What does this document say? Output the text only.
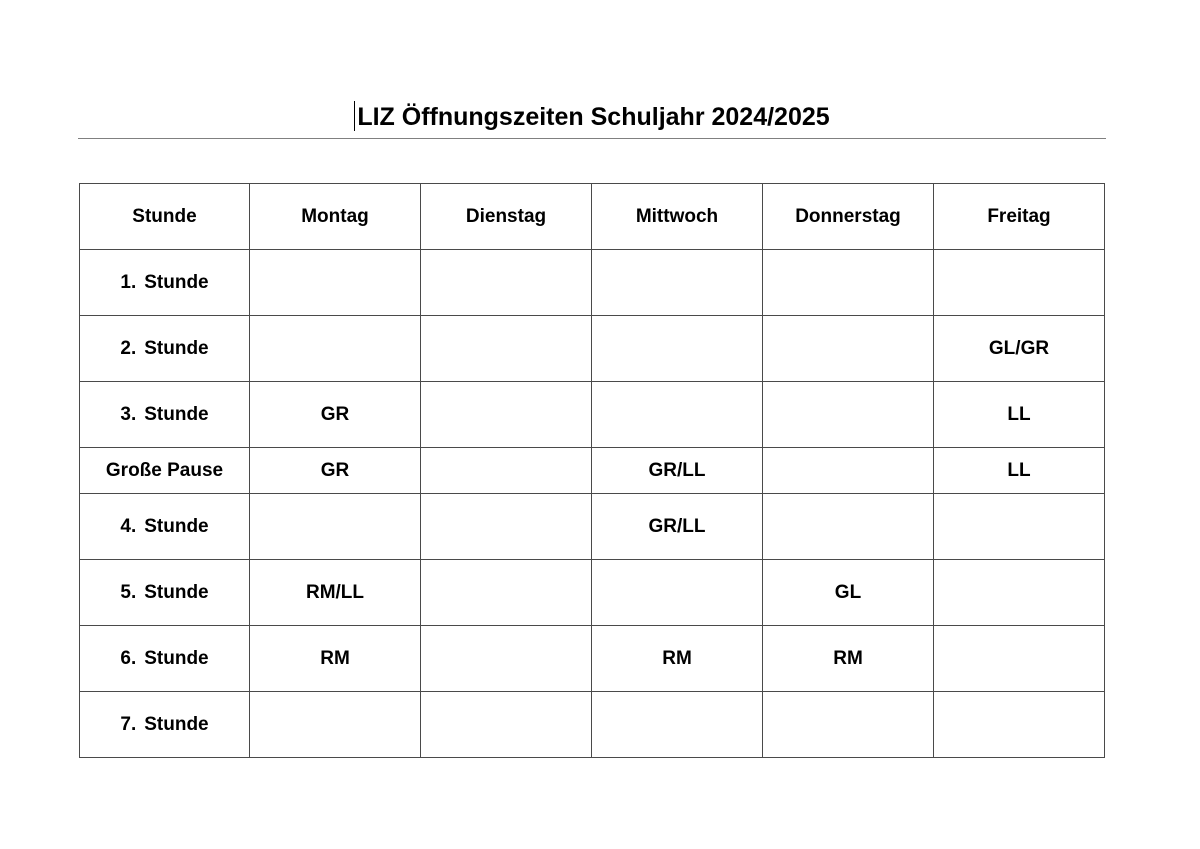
LIZ Öffnungszeiten Schuljahr 2024/2025
Stunde	Montag	Dienstag	Mittwoch	Donnerstag	Freitag
1. Stunde					
2. Stunde					GL/GR
3. Stunde	GR				LL
Große Pause	GR		GR/LL		LL
4. Stunde			GR/LL		
5. Stunde	RM/LL			GL	
6. Stunde	RM		RM	RM	
7. Stunde					
